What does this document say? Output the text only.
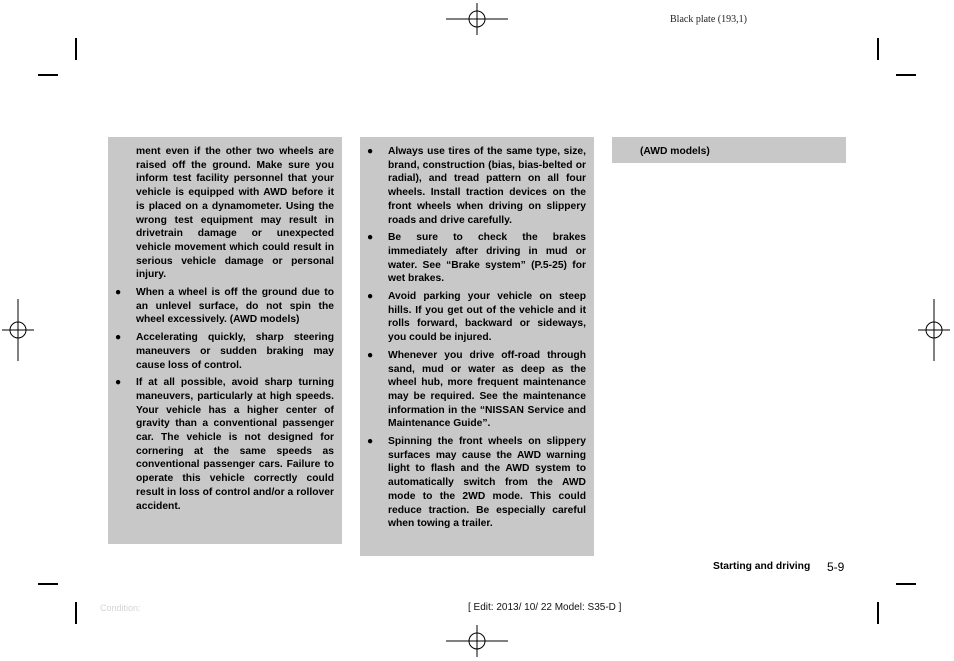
Black plate (193,1)

ment even if the other two wheels are raised off the ground. Make sure you inform test facility personnel that your vehicle is equipped with AWD before it is placed on a dynamometer. Using the wrong test equipment may result in drivetrain damage or unexpected vehicle movement which could result in serious vehicle damage or personal injury.

● When a wheel is off the ground due to an unlevel surface, do not spin the wheel excessively. (AWD models)
● Accelerating quickly, sharp steering maneuvers or sudden braking may cause loss of control.
● If at all possible, avoid sharp turning maneuvers, particularly at high speeds. Your vehicle has a higher center of gravity than a conventional passenger car. The vehicle is not designed for cornering at the same speeds as conventional passenger cars. Failure to operate this vehicle correctly could result in loss of control and/or a rollover accident.
● Always use tires of the same type, size, brand, construction (bias, bias-belted or radial), and tread pattern on all four wheels. Install traction devices on the front wheels when driving on slippery roads and drive carefully.
● Be sure to check the brakes immediately after driving in mud or water. See “Brake system” (P.5-25) for wet brakes.
● Avoid parking your vehicle on steep hills. If you get out of the vehicle and it rolls forward, backward or sideways, you could be injured.
● Whenever you drive off-road through sand, mud or water as deep as the wheel hub, more frequent maintenance may be required. See the maintenance information in the “NISSAN Service and Maintenance Guide”.
● Spinning the front wheels on slippery surfaces may cause the AWD warning light to flash and the AWD system to automatically switch from the AWD mode to the 2WD mode. This could reduce traction. Be especially careful when towing a trailer.
(AWD models)
Starting and driving 5-9
Condition:	[ Edit: 2013/ 10/ 22 Model: S35-D ]
